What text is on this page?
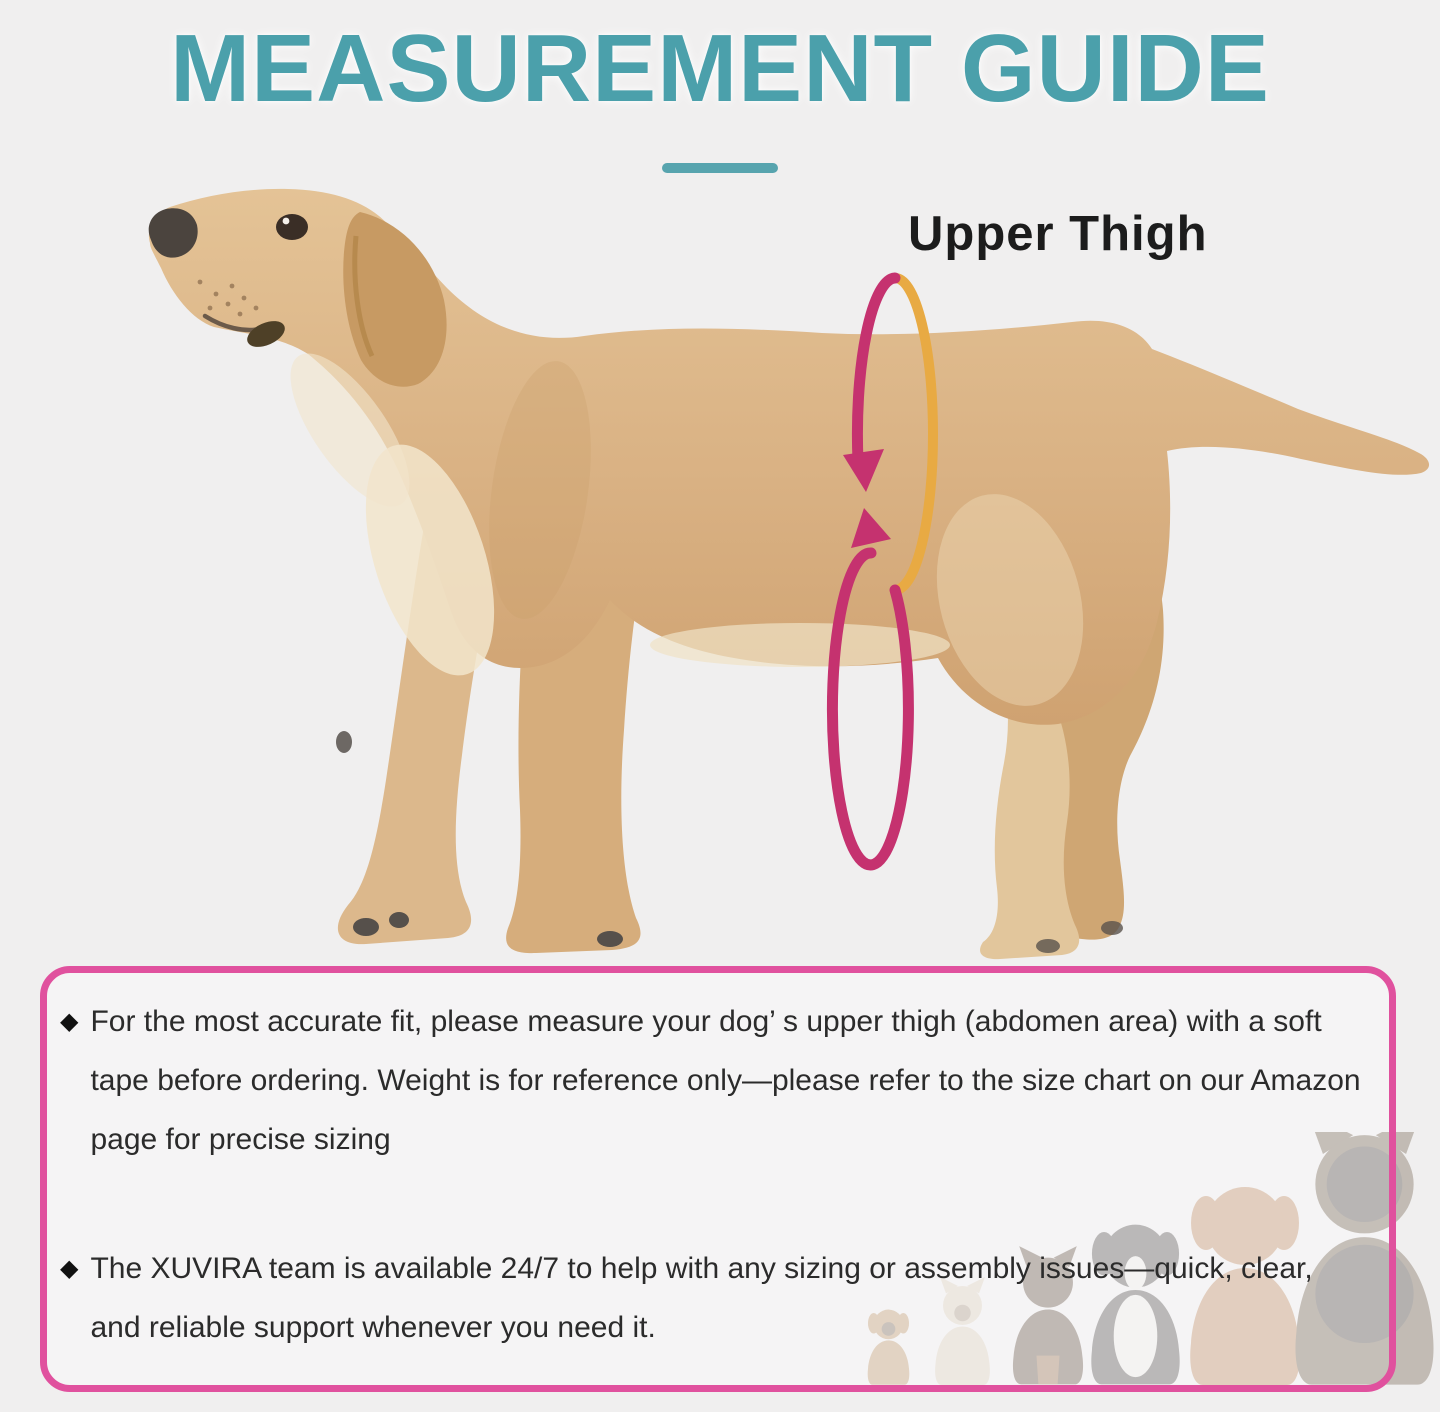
MEASUREMENT GUIDE
Upper Thigh
◆ For the most accurate fit, please measure your dog’ s upper thigh (abdomen area) with a soft tape before ordering. Weight is for reference only—please refer to the size chart on our Amazon page for precise sizing

◆ The XUVIRA team is available 24/7 to help with any sizing or assembly issues—quick, clear, and reliable support whenever you need it.
